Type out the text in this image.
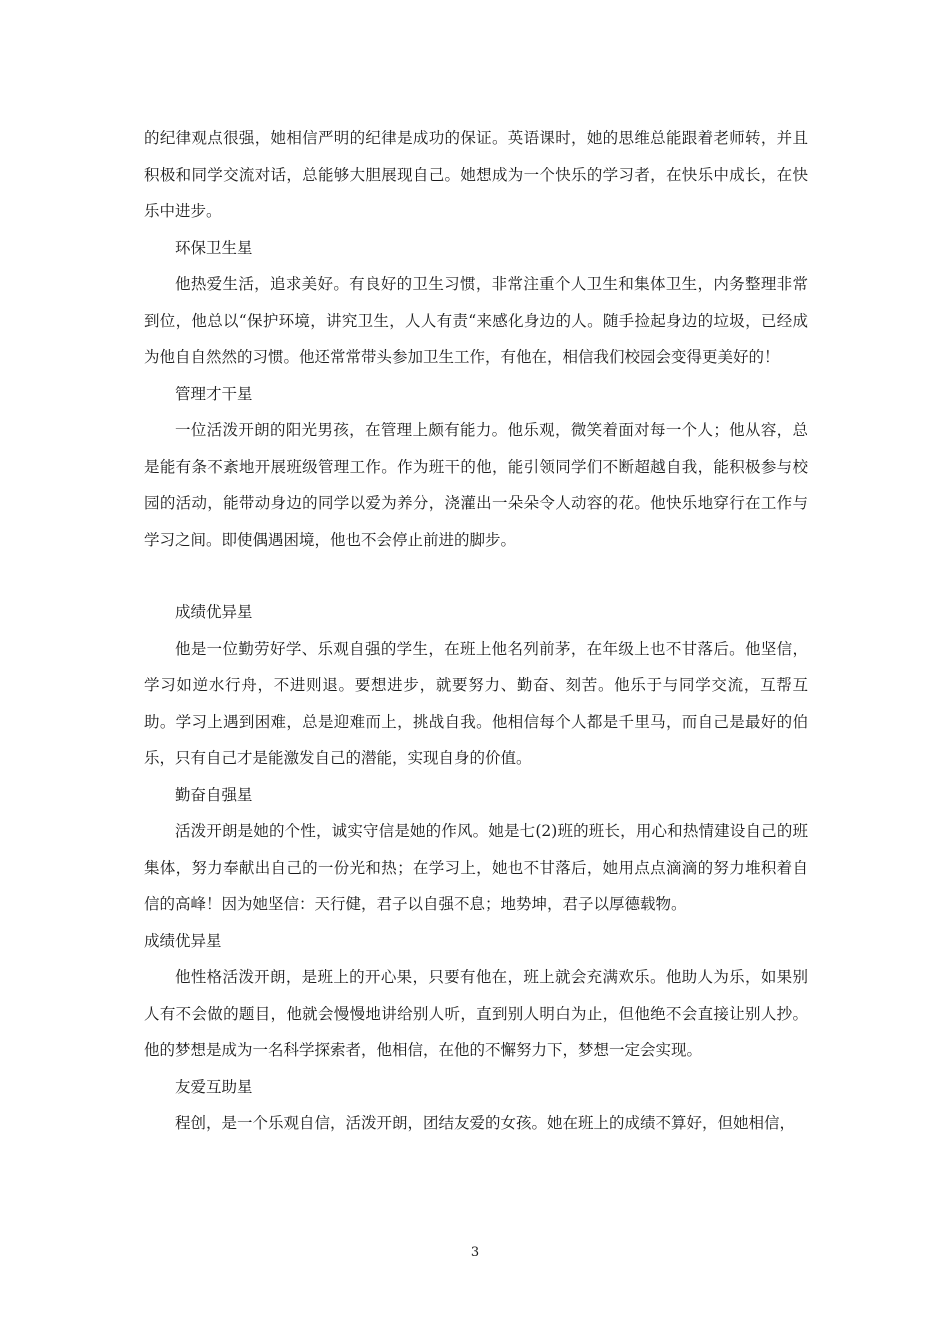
的纪律观点很强，她相信严明的纪律是成功的保证。英语课时，她的思维总能跟着老师转，并且积极和同学交流对话，总能够大胆展现自己。她想成为一个快乐的学习者，在快乐中成长，在快乐中进步。

环保卫生星

他热爱生活，追求美好。有良好的卫生习惯，非常注重个人卫生和集体卫生，内务整理非常到位，他总以“保护环境，讲究卫生，人人有责“来感化身边的人。随手捡起身边的垃圾，已经成为他自自然然的习惯。他还常常带头参加卫生工作，有他在，相信我们校园会变得更美好的！

管理才干星

一位活泼开朗的阳光男孩，在管理上颇有能力。他乐观，微笑着面对每一个人；他从容，总是能有条不紊地开展班级管理工作。作为班干的他，能引领同学们不断超越自我，能积极参与校园的活动，能带动身边的同学以爱为养分，浇灌出一朵朵令人动容的花。他快乐地穿行在工作与学习之间。即使偶遇困境，他也不会停止前进的脚步。

成绩优异星

他是一位勤劳好学、乐观自强的学生，在班上他名列前茅，在年级上也不甘落后。他坚信，学习如逆水行舟，不进则退。要想进步，就要努力、勤奋、刻苦。他乐于与同学交流，互帮互助。学习上遇到困难，总是迎难而上，挑战自我。他相信每个人都是千里马，而自己是最好的伯乐，只有自己才是能激发自己的潜能，实现自身的价值。

勤奋自强星

活泼开朗是她的个性，诚实守信是她的作风。她是七(2)班的班长，用心和热情建设自己的班集体，努力奉献出自己的一份光和热；在学习上，她也不甘落后，她用点点滴滴的努力堆积着自信的高峰！因为她坚信：天行健，君子以自强不息；地势坤，君子以厚德载物。

成绩优异星

他性格活泼开朗，是班上的开心果，只要有他在，班上就会充满欢乐。他助人为乐，如果别人有不会做的题目，他就会慢慢地讲给别人听，直到别人明白为止，但他绝不会直接让别人抄。他的梦想是成为一名科学探索者，他相信，在他的不懈努力下，梦想一定会实现。

友爱互助星

程创，是一个乐观自信，活泼开朗，团结友爱的女孩。她在班上的成绩不算好，但她相信，

3
